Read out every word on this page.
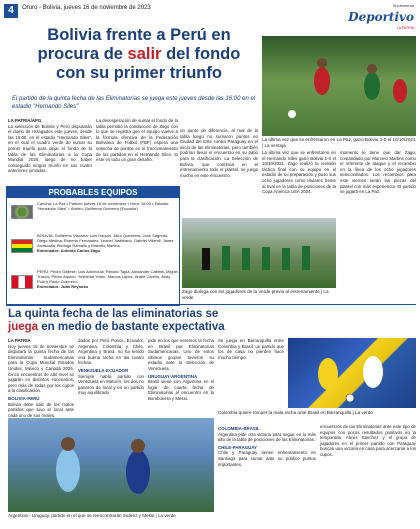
4	Oruro - Bolivia, jueves 16 de noviembre de 2023	Suplemento
Deportivo
LA PATRIA
Bolivia frente a Perú en
procura de salir del fondo
con su primer triunfo
El partido de la quinta fecha de las Eliminatorias se juega este jueves desde las 16:00 en el estadio "Hernando Siles"
LA PATRIA/APG
La selección de Bolivia y Perú disputarán el duelo de rezagados este jueves, desde las 16:00, en el estadio "Hernando Siles", en el cual el cuadro verde de sumar su primer triunfo para dejar el fondo de la tabla de las Eliminatorias a la Copa Mundial 2026, luego de no haber conseguido ningún triunfo en sus cuatro anteriores jornadas.
La desesperación de sumar el fondo de la tabla permitió la conducción de Zago con lo que se registra que el equipo vuelve a la fórmula ofensiva de la Federación Boliviana de Fútbol (FBF) espera una cosecha de puntos en el fraccionamiento de los partidos en el Hernando Siles. Si este es todo un gran desafío.
un punto de diferencia, al mal de la tabla luego no sumaron puntos en Ciudad del Este contra Paraguay en el inicio de las eliminatorias, pero también podrían llevar el encuentro en su patio para la clasificación. La Selección de Bolivia, que continúa en el entrenamiento todo el plantel, se juega mucho en este encuentro.
PROBABLES EQUIPOS
Cancha: La Paz • Partido: jueves 16 de noviembre • Hora: 16:00 • Estadio: "Hernando Siles" • Árbitro: Guillermo Guerrero (Ecuador)
BOLIVIA: Guillermo Viscarra; Luis Haquin, Jairo Quinteros, José Sagredo, Diego Medina, Roberto Fernández, Leonel Justiniano, Gabriel Villamil, Jaime Arrascaita, Rodrigo Ramallo y Marcelo Martins.
Entrenador: Antonio Carlos Zago
PERÚ: Pedro Gallese; Luis Advíncula, Renato Tapia, Alexander Callens, Miguel Trauco, Pedro Aquino, Yoshimar Yotún, Marcos López, André Carrillo, Andy Polo y Paolo Guerrero.
Entrenador: Juan Reynoso
La última vez que se enfrentaron en La Paz, ganó Bolivia 1-0 el 10/10/2021 | La ventaja
La última vez que se enfrentaron en el Hernando Siles ganó Bolivia 1-0 el 10/10/2021. Zago realizó la revisión táctica final con su equipo en el estadio de su preparación y puso sus ocho jugadores como titulares frente al rival en la tabla de posiciones de la Copa América USA 2024.
momento le tiene que dar Zago, comandado por Marcelo Martins como el referente de ataque y el recambio en la línea de los ocho jugadores seleccionados. Los recambios para este viernes serán las piezas del plantel con más experiencia. El partido se jugará en La Paz.
Zago dialoga con los jugadores de la Verde previo al entrenamiento | La verde
La quinta fecha de las eliminatorias se
juega en medio de bastante expectativa
LA PATRIA
Hoy jueves 16 de noviembre se disputará la quinta fecha de las Eliminatorias Sudamericanas para la Copa Mundial Estados Unidos, México y Canadá 2026. Cinco encuentros de alto nivel se jugarán en distintos escenarios, pero más de todas por los cupos a la clasificación.
BOLIVIA-PERÚ
Bolivia debe salir de los malos partidos que tuvo el local ante cada uno de sus rivales.
dados por Perú Ponce, Ecuador, Argentina, Colombia y Chile. Argentina y Brasil, no ha tenido una buena racha en las cuatro fechas.
VENEZUELA-ECUADOR
Siempre había partido con Venezuela en Maturín, los dos no ganaron de local y es un partido muy equilibrado.
pide en los que veremos la fecha en Brasil por Eliminatorias Sudamericanas. Uno de estos últimos grupos tuvieron su estadio ante la Selección de Venezuela.
URUGUAY-ARGENTINA
Brasil viene con Argentina en el lugar de cuarta fecha de Eliminatorias al encuentro en la Bombonera y Messi.
Se juega en Barranquilla entre Colombia y Brasil, un partido que los de casa no pierden hace mucho tiempo.
Colombia quiere romper la mala racha ante Brasil en Barranquilla | La verde
Argentina - Uruguay, partido en el que se reencontrarán Suárez y Messi | La verde
COLOMBIA-BRASIL
Argentina pide otra victoria para seguir en lo más alto de la tabla de posiciones de las Eliminatorias.
CHILE-PARAGUAY
Chile y Paraguay tienen enfrentamiento en Santiago para sumar ante su público puntos importantes.
encuentros de las Eliminatorias ante este tipo de equipos con pocos resultados positivos en la temporada. Alexis Sánchez y el grupo de jugadores en el primer partido con Paraguay buscan una victoria en casa para acercarse a los cupos.
